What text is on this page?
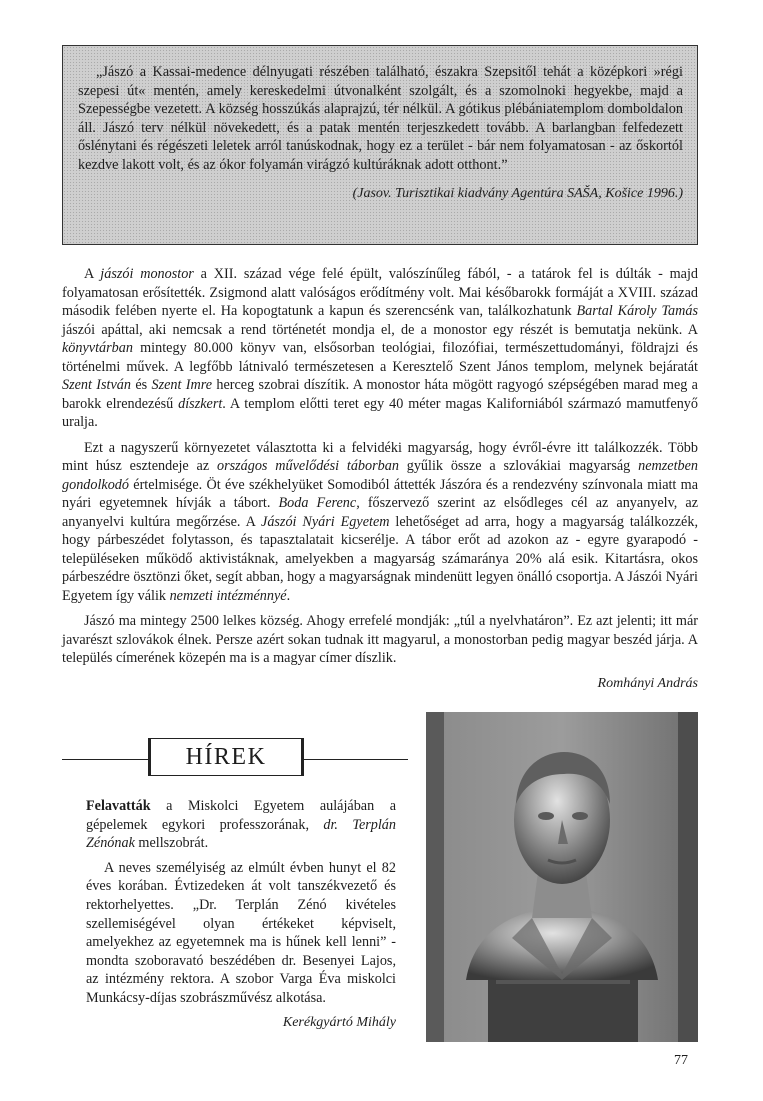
„Jászó a Kassai-medence délnyugati részében található, északra Szepsitől tehát a középkori »régi szepesi út« mentén, amely kereskedelmi útvonalként szolgált, és a szomolnoki hegyekbe, majd a Szepességbe vezetett. A község hosszúkás alaprajzú, tér nélkül. A gótikus plébániatemplom domboldalon áll. Jászó terv nélkül növekedett, és a patak mentén terjeszkedett tovább. A barlangban felfedezett őslénytani és régészeti leletek arról tanúskodnak, hogy ez a terület - bár nem folyamatosan - az őskortól kezdve lakott volt, és az ókor folyamán virágzó kultúráknak adott otthont.”

(Jasov. Turisztikai kiadvány Agentúra SAŠA, Košice 1996.)

A jászói monostor a XII. század vége felé épült, valószínűleg fából, - a tatárok fel is dúlták - majd folyamatosan erősítették. Zsigmond alatt valóságos erődítmény volt. Mai későbarokk formáját a XVIII. század második felében nyerte el. Ha kopogtatunk a kapun és szerencsénk van, találkozhatunk Bartal Károly Tamás jászói apáttal, aki nemcsak a rend történetét mondja el, de a monostor egy részét is bemutatja nekünk. A könyvtárban mintegy 80.000 könyv van, elsősorban teológiai, filozófiai, természettudományi, földrajzi és történelmi művek. A legfőbb látnivaló természetesen a Keresztelő Szent János templom, melynek bejáratát Szent István és Szent Imre herceg szobrai díszítik. A monostor háta mögött ragyogó szépségében marad meg a barokk elrendezésű díszkert. A templom előtti teret egy 40 méter magas Kaliforniából származó mamutfenyő uralja.

Ezt a nagyszerű környezetet választotta ki a felvidéki magyarság, hogy évről-évre itt találkozzék. Több mint húsz esztendeje az országos művelődési táborban gyűlik össze a szlovákiai magyarság nemzetben gondolkodó értelmisége. Öt éve székhelyüket Somodiból áttették Jászóra és a rendezvény színvonala miatt ma nyári egyetemnek hívják a tábort. Boda Ferenc, főszervező szerint az elsődleges cél az anyanyelv, az anyanyelvi kultúra megőrzése. A Jászói Nyári Egyetem lehetőséget ad arra, hogy a magyarság találkozzék, hogy párbeszédet folytasson, és tapasztalatait kicserélje. A tábor erőt ad azokon az - egyre gyarapodó - településeken működő aktivistáknak, amelyekben a magyarság számaránya 20% alá esik. Kitartásra, okos párbeszédre ösztönzi őket, segít abban, hogy a magyarságnak mindenütt legyen önálló csoportja. A Jászói Nyári Egyetem így válik nemzeti intézménnyé.

Jászó ma mintegy 2500 lelkes község. Ahogy errefelé mondják: „túl a nyelvhatáron”. Ez azt jelenti; itt már javarészt szlovákok élnek. Persze azért sokan tudnak itt magyarul, a monostorban pedig magyar beszéd járja. A település címerének közepén ma is a magyar címer díszlik.

Romhányi András

HÍREK

Felavatták a Miskolci Egyetem aulájában a gépelemek egykori professzorának, dr. Terplán Zénónak mellszobrát.

A neves személyiség az elmúlt évben hunyt el 82 éves korában. Évtizedeken át volt tanszékvezető és rektorhelyettes. „Dr. Terplán Zénó kivételes szellemiségével olyan értékeket képviselt, amelyekhez az egyetemnek ma is hűnek kell lenni” - mondta szoboravató beszédében dr. Besenyei Lajos, az intézmény rektora. A szobor Varga Éva miskolci Munkácsy-díjas szobrászművész alkotása.

Kerékgyártó Mihály

77
